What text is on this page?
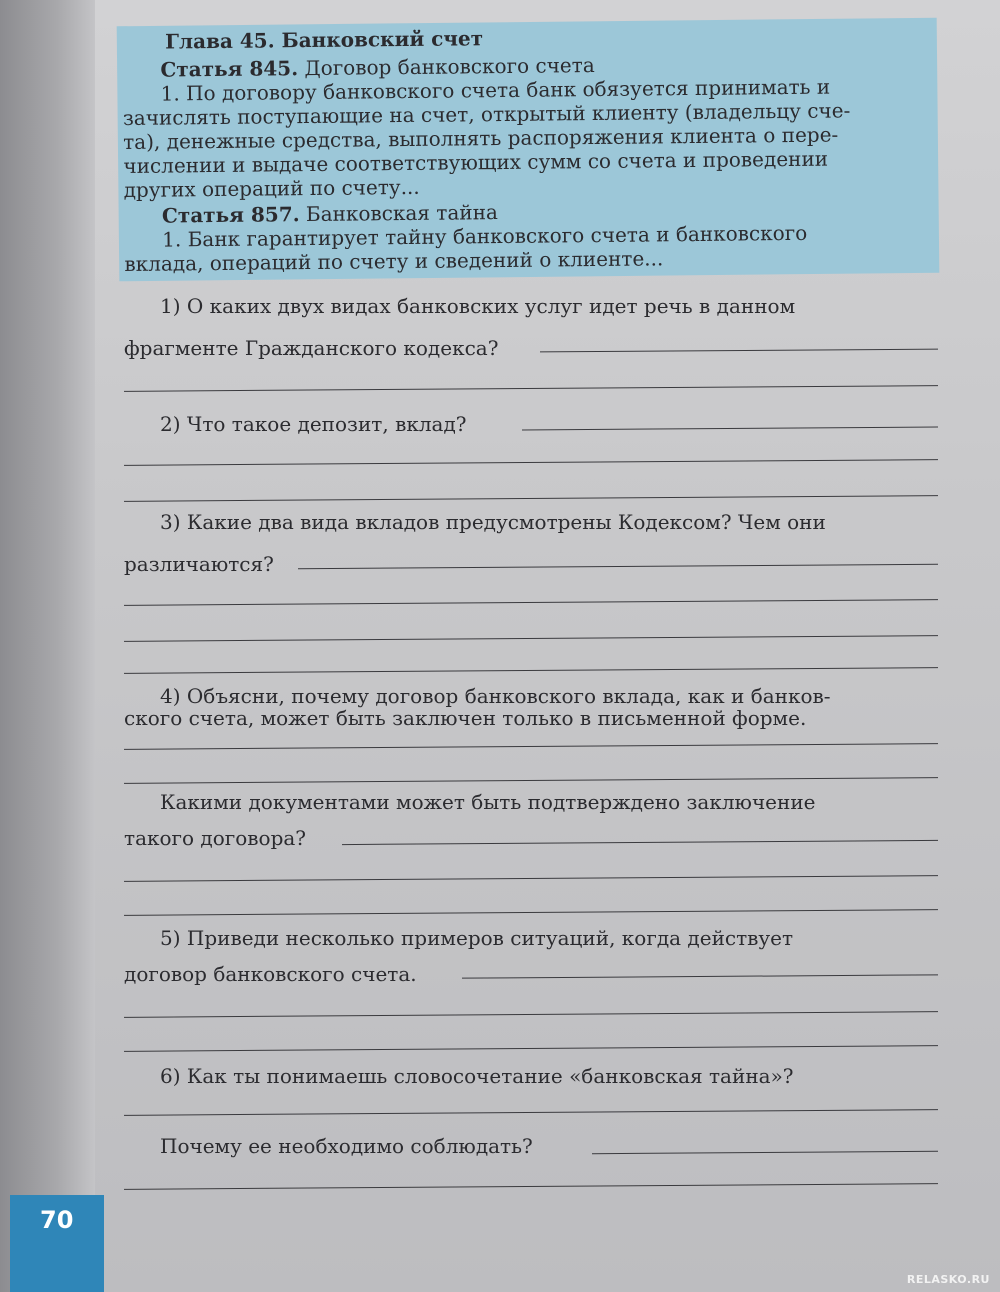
70
Глава 45. Банковский счет
Статья 845. Договор банковского счета
1. По договору банковского счета банк обязуется принимать и
зачислять поступающие на счет, открытый клиенту (владельцу сче-
та), денежные средства, выполнять распоряжения клиента о пере-
числении и выдаче соответствующих сумм со счета и проведении
других операций по счету...
Статья 857. Банковская тайна
1. Банк гарантирует тайну банковского счета и банковского
вклада, операций по счету и сведений о клиенте...
1) О каких двух видах банковских услуг идет речь в данном
фрагменте Гражданского кодекса?
2) Что такое депозит, вклад?
3) Какие два вида вкладов предусмотрены Кодексом? Чем они
различаются?
4) Объясни, почему договор банковского вклада, как и банков-
ского счета, может быть заключен только в письменной форме.
Какими документами может быть подтверждено заключение
такого договора?
5) Приведи несколько примеров ситуаций, когда действует
договор банковского счета.
6) Как ты понимаешь словосочетание «банковская тайна»?
Почему ее необходимо соблюдать?
RELASKO.RU
